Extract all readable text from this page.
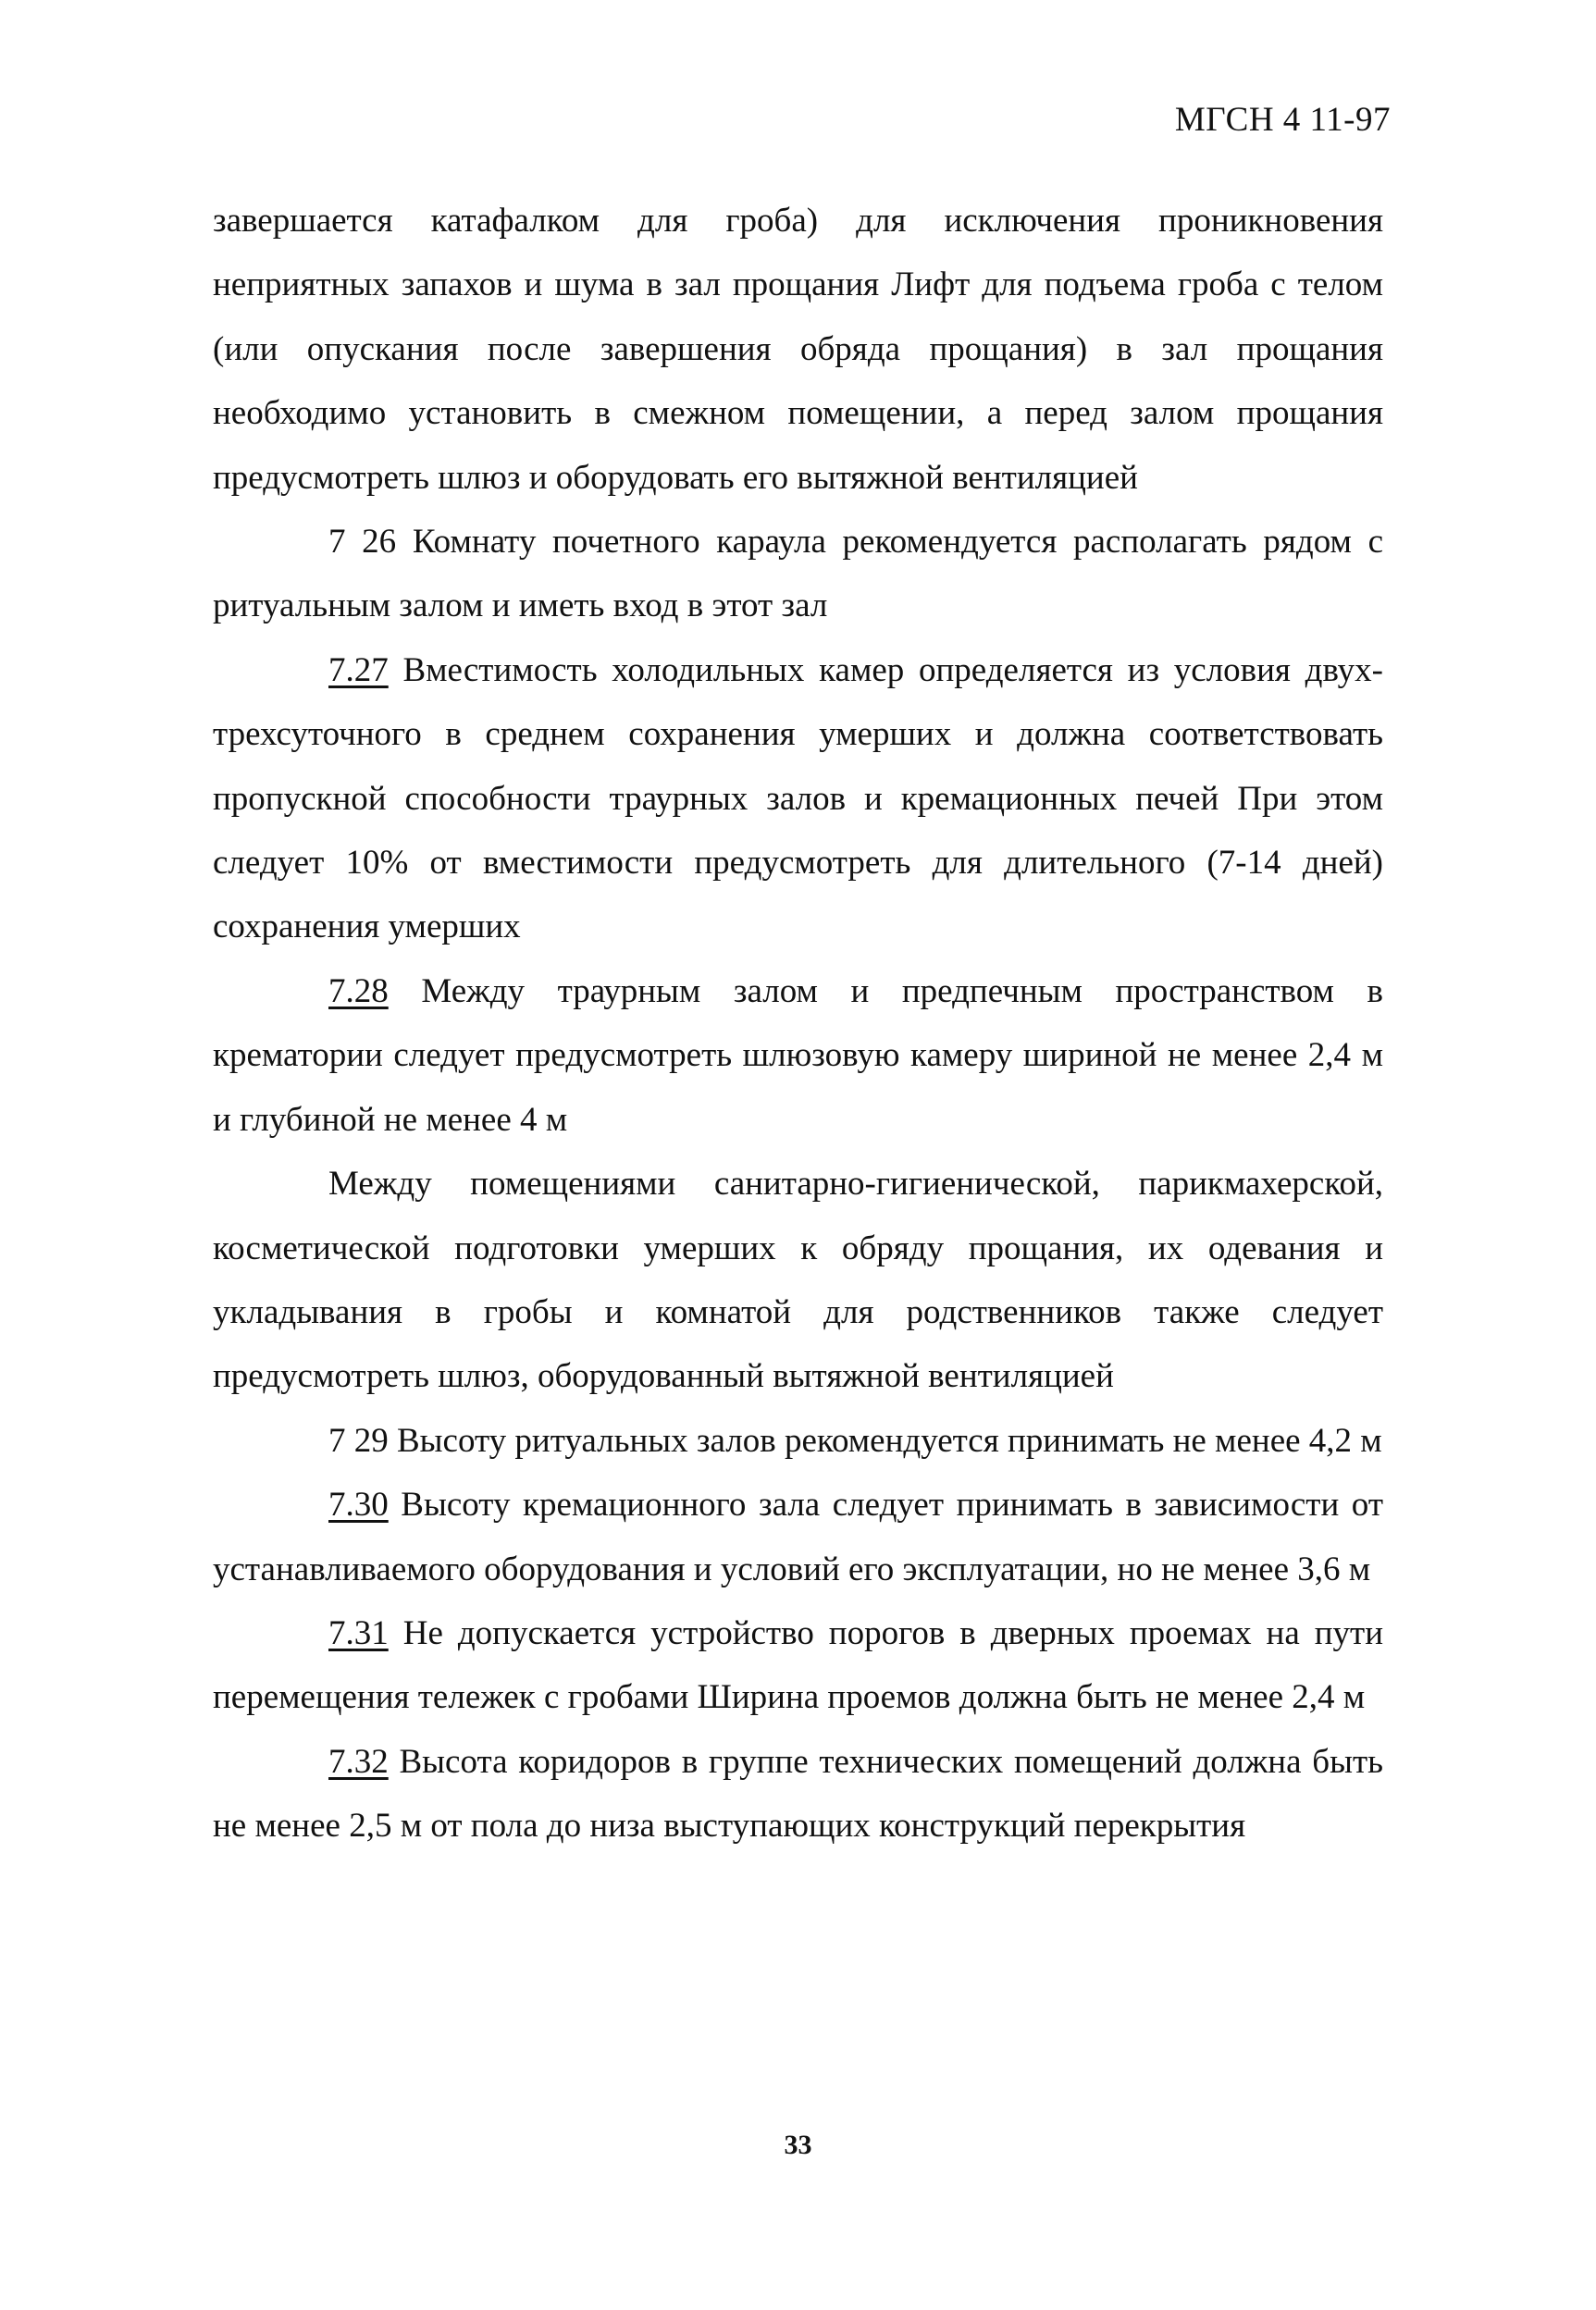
МГСН 4 11-97

завершается катафалком для гроба) для исключения проникновения неприятных запахов и шума в зал прощания Лифт для подъема гроба с телом (или опускания после завершения обряда прощания) в зал прощания необходимо установить в смежном помещении, а перед залом прощания предусмотреть шлюз и оборудовать его вытяжной вентиляцией

7 26 Комнату почетного караула рекомендуется располагать рядом с ритуальным залом и иметь вход в этот зал

7.27 Вместимость холодильных камер определяется из условия двух-трехсуточного в среднем сохранения умерших и должна соответствовать пропускной способности траурных залов и кремационных печей При этом следует 10% от вместимости предусмотреть для длительного (7-14 дней) сохранения умерших

7.28 Между траурным залом и предпечным пространством в крематории следует предусмотреть шлюзовую камеру шириной не менее 2,4 м и глубиной не менее 4 м

Между помещениями санитарно-гигиенической, парикмахерской, косметической подготовки умерших к обряду прощания, их одевания и укладывания в гробы и комнатой для родственников также следует предусмотреть шлюз, оборудованный вытяжной вентиляцией

7 29 Высоту ритуальных залов рекомендуется принимать не менее 4,2 м

7.30 Высоту кремационного зала следует принимать в зависимости от устанавливаемого оборудования и условий его эксплуатации, но не менее 3,6 м

7.31 Не допускается устройство порогов в дверных проемах на пути перемещения тележек с гробами Ширина проемов должна быть не менее 2,4 м

7.32 Высота коридоров в группе технических помещений должна быть не менее 2,5 м от пола до низа выступающих конструкций перекрытия

33
